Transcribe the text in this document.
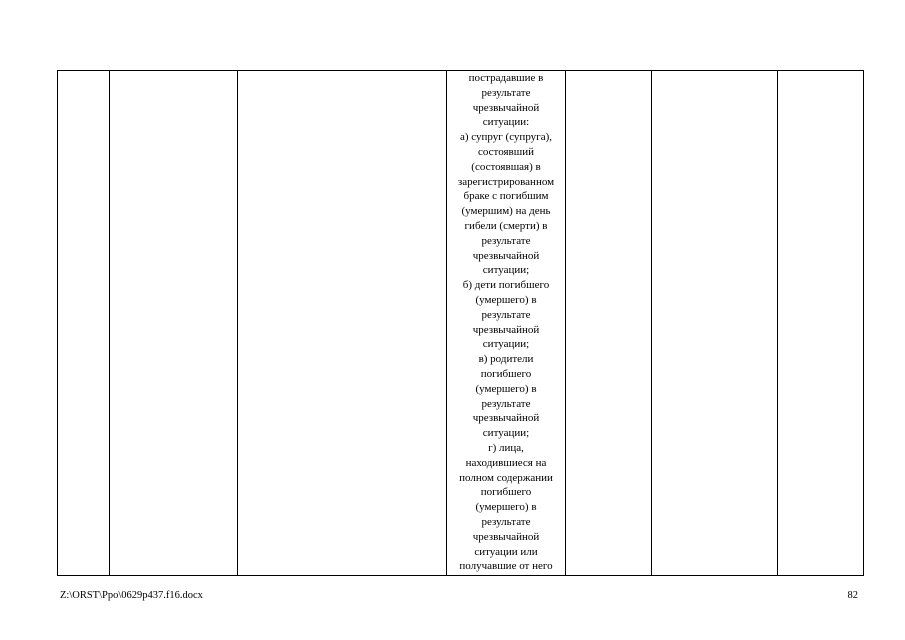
пострадавшие в
результате
чрезвычайной
ситуации:
а) супруг (супруга),
состоявший
(состоявшая) в
зарегистрированном
браке с погибшим
(умершим) на день
гибели (смерти) в
результате
чрезвычайной
ситуации;
б) дети погибшего
(умершего) в
результате
чрезвычайной
ситуации;
в) родители
погибшего
(умершего) в
результате
чрезвычайной
ситуации;
г) лица,
находившиеся на
полном содержании
погибшего
(умершего) в
результате
чрезвычайной
ситуации или
получавшие от него

Z:\ORST\Ppo\0629p437.f16.docx	82
